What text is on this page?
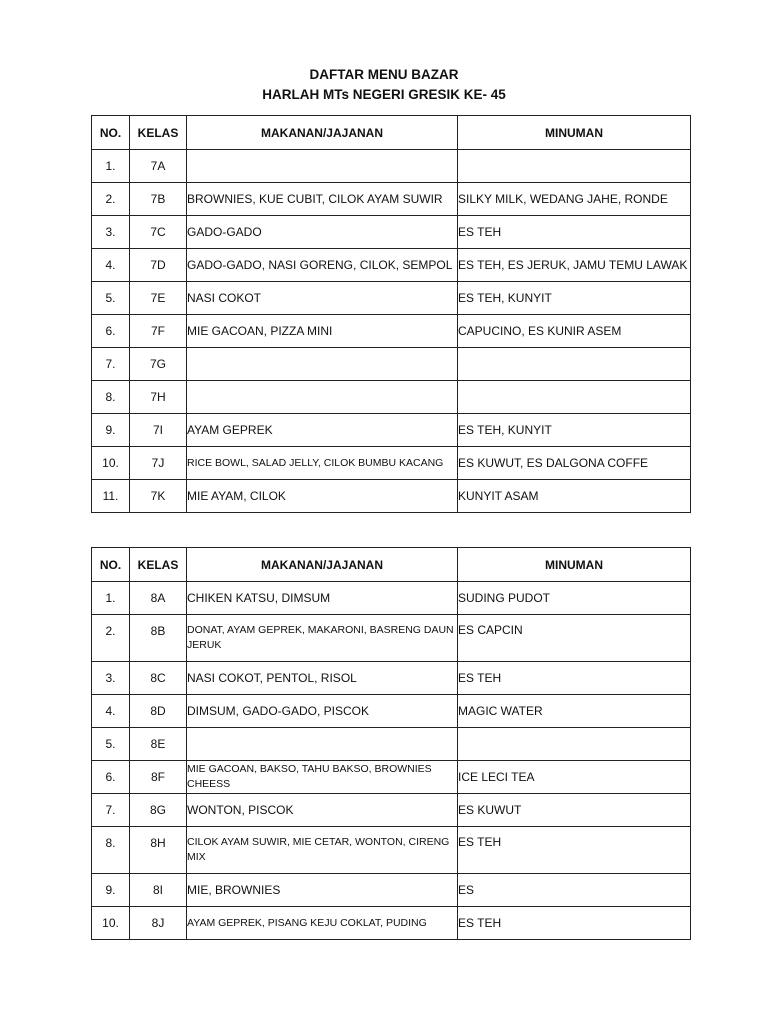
DAFTAR MENU BAZAR
HARLAH MTs NEGERI GRESIK KE- 45
NO.	KELAS	MAKANAN/JAJANAN	MINUMAN
1.	7A		
2.	7B	BROWNIES, KUE CUBIT, CILOK AYAM SUWIR	SILKY MILK, WEDANG JAHE, RONDE
3.	7C	GADO-GADO	ES TEH
4.	7D	GADO-GADO, NASI GORENG, CILOK, SEMPOL	ES TEH, ES JERUK, JAMU TEMU LAWAK
5.	7E	NASI COKOT	ES TEH, KUNYIT
6.	7F	MIE GACOAN, PIZZA MINI	CAPUCINO, ES KUNIR ASEM
7.	7G		
8.	7H		
9.	7I	AYAM GEPREK	ES TEH, KUNYIT
10.	7J	RICE BOWL, SALAD JELLY, CILOK BUMBU KACANG	ES KUWUT, ES DALGONA COFFE
11.	7K	MIE AYAM, CILOK	KUNYIT ASAM
NO.	KELAS	MAKANAN/JAJANAN	MINUMAN
1.	8A	CHIKEN KATSU, DIMSUM	SUDING PUDOT
2.	8B	DONAT, AYAM GEPREK, MAKARONI, BASRENG DAUN JERUK	ES CAPCIN
3.	8C	NASI COKOT, PENTOL, RISOL	ES TEH
4.	8D	DIMSUM, GADO-GADO, PISCOK	MAGIC WATER
5.	8E		
6.	8F	MIE GACOAN, BAKSO, TAHU BAKSO, BROWNIES CHEESS	ICE LECI TEA
7.	8G	WONTON, PISCOK	ES KUWUT
8.	8H	CILOK AYAM SUWIR, MIE CETAR, WONTON, CIRENG MIX	ES TEH
9.	8I	MIE, BROWNIES	ES
10.	8J	AYAM GEPREK, PISANG KEJU COKLAT, PUDING	ES TEH
